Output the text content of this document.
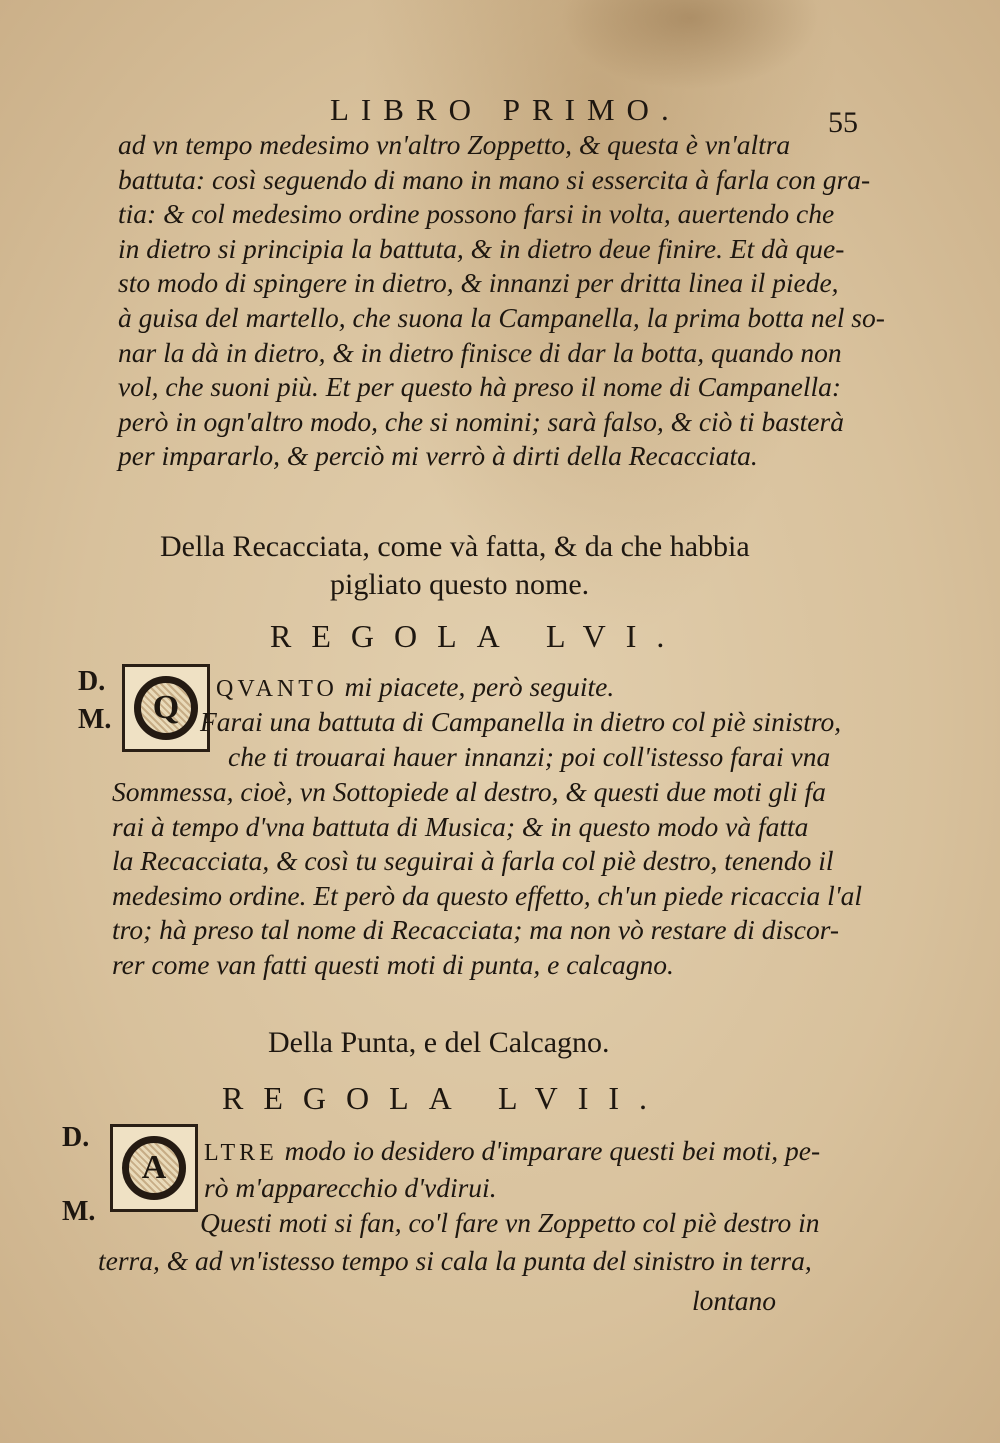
LIBRO PRIMO.	55

ad vn tempo medesimo vn'altro Zoppetto, & questa è vn'altra

battuta: così seguendo di mano in mano si essercita à farla con gra-

tia: & col medesimo ordine possono farsi in volta, auertendo che

in dietro si principia la battuta, & in dietro deue finire. Et dà que-

sto modo di spingere in dietro, & innanzi per dritta linea il piede,

à guisa del martello, che suona la Campanella, la prima botta nel so-

nar la dà in dietro, & in dietro finisce di dar la botta, quando non

vol, che suoni più. Et per questo hà preso il nome di Campanella:

però in ogn'altro modo, che si nomini; sarà falso, & ciò ti basterà

per impararlo, & perciò mi verrò à dirti della Recacciata.

Della Recacciata, come và fatta, & da che habbia
pigliato questo nome.
REGOLA LVI.
D.
M.	Q	QVANTO mi piacete, però seguite.

Farai una battuta di Campanella in dietro col piè sinistro,

che ti trouarai hauer innanzi; poi coll'istesso farai vna

Sommessa, cioè, vn Sottopiede al destro, & questi due moti gli fa

rai à tempo d'vna battuta di Musica; & in questo modo và fatta

la Recacciata, & così tu seguirai à farla col piè destro, tenendo il

medesimo ordine. Et però da questo effetto, ch'un piede ricaccia l'al

tro; hà preso tal nome di Recacciata; ma non vò restare di discor-

rer come van fatti questi moti di punta, e calcagno.

Della Punta, e del Calcagno.
REGOLA LVII.
D.
M.
A	LTRE modo io desidero d'imparare questi bei moti, pe-

rò m'apparecchio d'vdirui.

Questi moti si fan, co'l fare vn Zoppetto col piè destro in

terra, & ad vn'istesso tempo si cala la punta del sinistro in terra,

lontano
